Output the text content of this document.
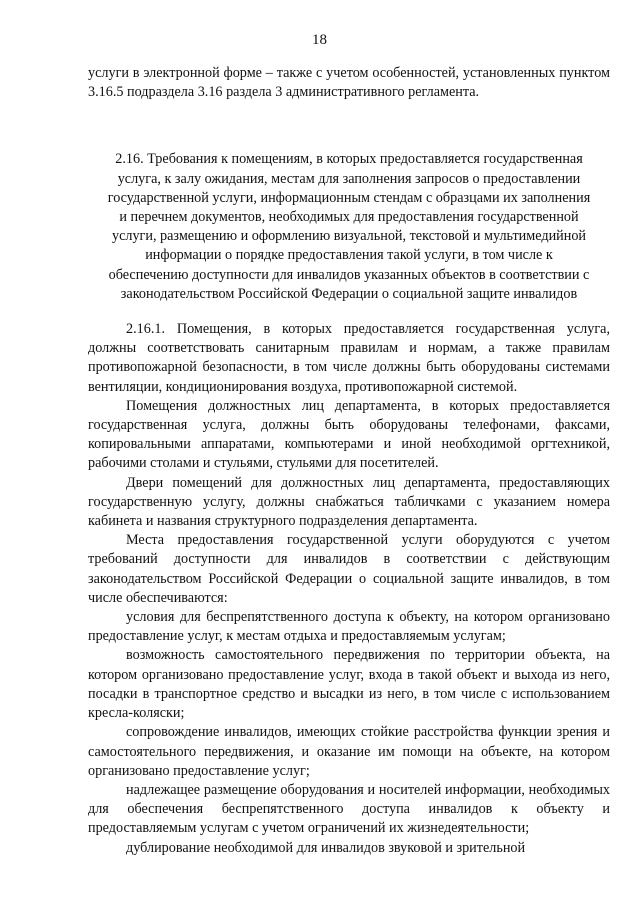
18

услуги в электронной форме – также с учетом особенностей, установленных пунктом 3.16.5 подраздела 3.16 раздела 3 административного регламента.

2.16. Требования к помещениям, в которых предоставляется государственная услуга, к залу ожидания, местам для заполнения запросов о предоставлении государственной услуги, информационным стендам с образцами их заполнения и перечнем документов, необходимых для предоставления государственной услуги, размещению и оформлению визуальной, текстовой и мультимедийной информации о порядке предоставления такой услуги, в том числе к обеспечению доступности для инвалидов указанных объектов в соответствии с законодательством Российской Федерации о социальной защите инвалидов

2.16.1. Помещения, в которых предоставляется государственная услуга, должны соответствовать санитарным правилам и нормам, а также правилам противопожарной безопасности, в том числе должны быть оборудованы системами вентиляции, кондиционирования воздуха, противопожарной системой.

Помещения должностных лиц департамента, в которых предоставляется государственная услуга, должны быть оборудованы телефонами, факсами, копировальными аппаратами, компьютерами и иной необходимой оргтехникой, рабочими столами и стульями, стульями для посетителей.

Двери помещений для должностных лиц департамента, предоставляющих государственную услугу, должны снабжаться табличками с указанием номера кабинета и названия структурного подразделения департамента.

Места предоставления государственной услуги оборудуются с учетом требований доступности для инвалидов в соответствии с действующим законодательством Российской Федерации о социальной защите инвалидов, в том числе обеспечиваются:

условия для беспрепятственного доступа к объекту, на котором организовано предоставление услуг, к местам отдыха и предоставляемым услугам;

возможность самостоятельного передвижения по территории объекта, на котором организовано предоставление услуг, входа в такой объект и выхода из него, посадки в транспортное средство и высадки из него, в том числе с использованием кресла-коляски;

сопровождение инвалидов, имеющих стойкие расстройства функции зрения и самостоятельного передвижения, и оказание им помощи на объекте, на котором организовано предоставление услуг;

надлежащее размещение оборудования и носителей информации, необходимых для обеспечения беспрепятственного доступа инвалидов к объекту и предоставляемым услугам с учетом ограничений их жизнедеятельности;

дублирование необходимой для инвалидов звуковой и зрительной
